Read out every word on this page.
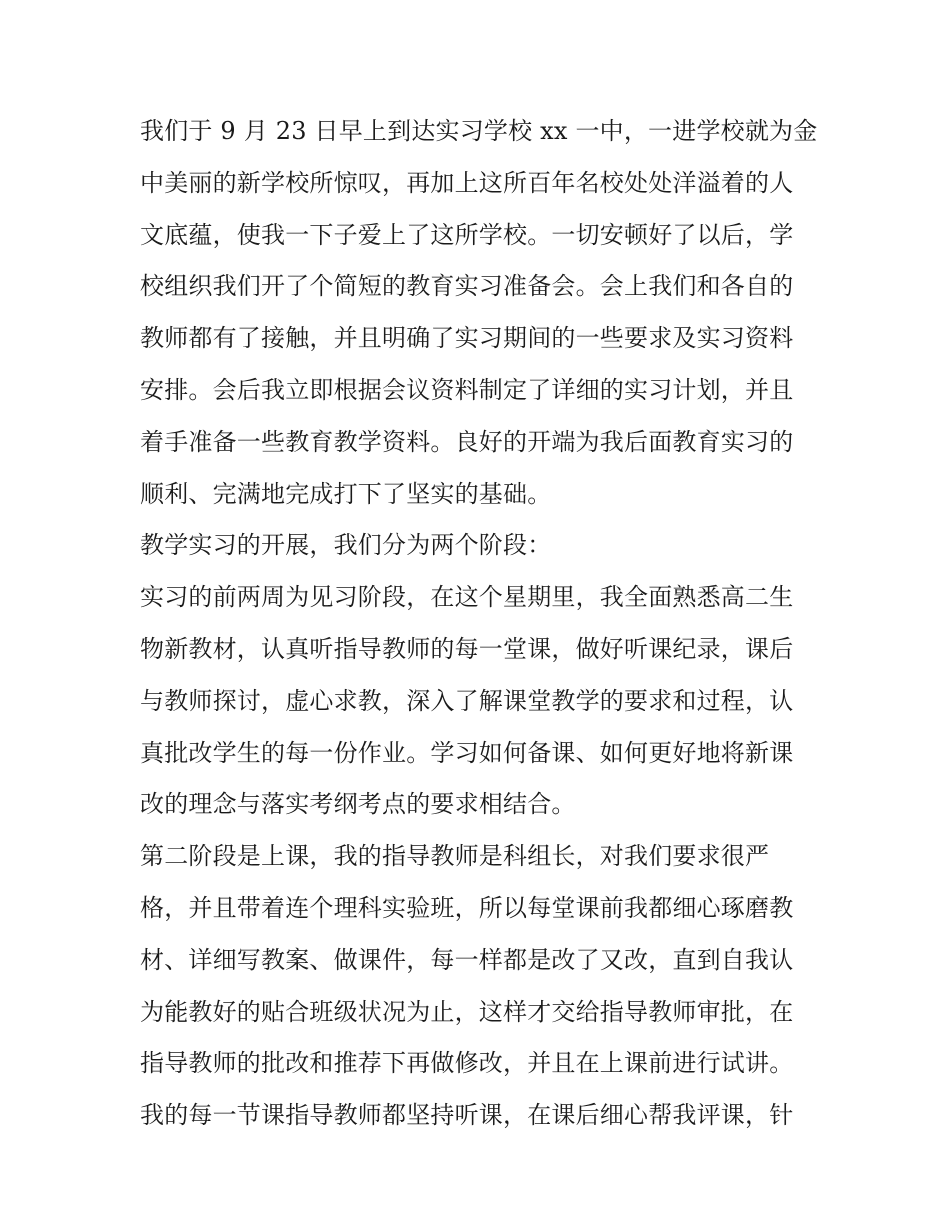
我们于 9 月 23 日早上到达实习学校 xx 一中，一进学校就为金
中美丽的新学校所惊叹，再加上这所百年名校处处洋溢着的人
文底蕴，使我一下子爱上了这所学校。一切安顿好了以后，学
校组织我们开了个简短的教育实习准备会。会上我们和各自的
教师都有了接触，并且明确了实习期间的一些要求及实习资料
安排。会后我立即根据会议资料制定了详细的实习计划，并且
着手准备一些教育教学资料。良好的开端为我后面教育实习的
顺利、完满地完成打下了坚实的基础。
教学实习的开展，我们分为两个阶段：
实习的前两周为见习阶段，在这个星期里，我全面熟悉高二生
物新教材，认真听指导教师的每一堂课，做好听课纪录，课后
与教师探讨，虚心求教，深入了解课堂教学的要求和过程，认
真批改学生的每一份作业。学习如何备课、如何更好地将新课
改的理念与落实考纲考点的要求相结合。
第二阶段是上课，我的指导教师是科组长，对我们要求很严
格，并且带着连个理科实验班，所以每堂课前我都细心琢磨教
材、详细写教案、做课件，每一样都是改了又改，直到自我认
为能教好的贴合班级状况为止，这样才交给指导教师审批，在
指导教师的批改和推荐下再做修改，并且在上课前进行试讲。
我的每一节课指导教师都坚持听课，在课后细心帮我评课，针
